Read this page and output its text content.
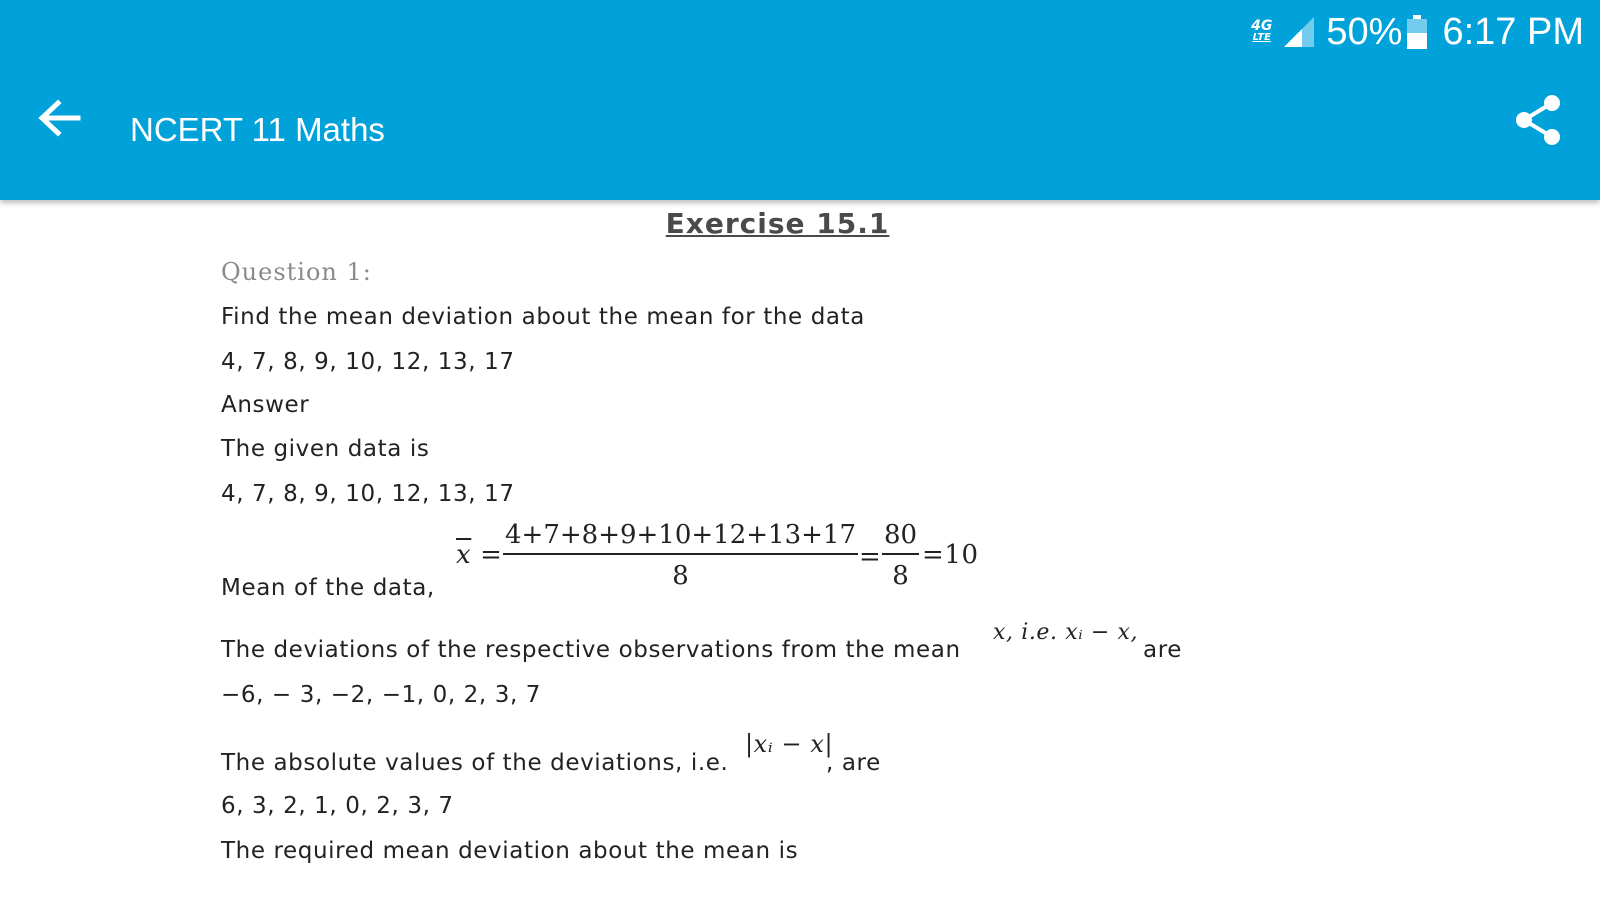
4G
LTE 50% 6:17 PM
NCERT 11 Maths
Exercise 15.1
Question 1:
Find the mean deviation about the mean for the data
4, 7, 8, 9, 10, 12, 13, 17
Answer
The given data is
4, 7, 8, 9, 10, 12, 13, 17
Mean of the data,
$\overline{x} = \frac{4+7+8+9+10+12+13+17}{8} = \frac{80}{8} =10$
The deviations of the respective observations from the mean
x, i.e. xᵢ − x,
are
−6, − 3, −2, −1, 0, 2, 3, 7
The absolute values of the deviations, i.e.
|xᵢ − x|
, are
6, 3, 2, 1, 0, 2, 3, 7
The required mean deviation about the mean is
